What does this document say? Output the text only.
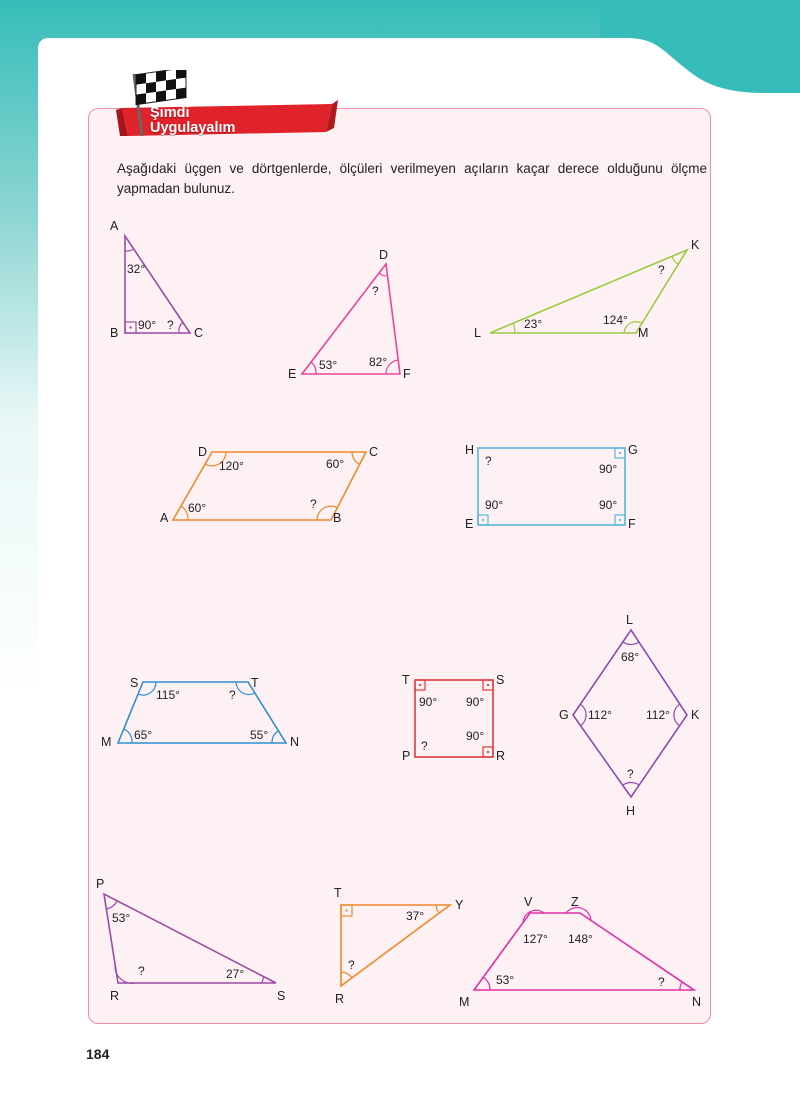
Şimdi
Uygulayalım
Aşağıdaki üçgen ve dörtgenlerde, ölçüleri verilmeyen açıların kaçar derece olduğunu ölçme yapmadan bulunuz.
A
B	C
32°
90° ?
D
E	F
?
53°	82°
K
L	M
?
23°	124°
A	B
C
D
60°	?
60°
120°
E	F
G
H
90°	90°
90°
?
M	N
T
S
65°	55°
?
115°
T	S
R
P
90° 90°
90°
?
L
K
H
G
68°
112°
?
112°
P
R	S
53°
?	27°
T
Y
R
37°
?
M	N
Z
V
53°	?
148°
127°
184
